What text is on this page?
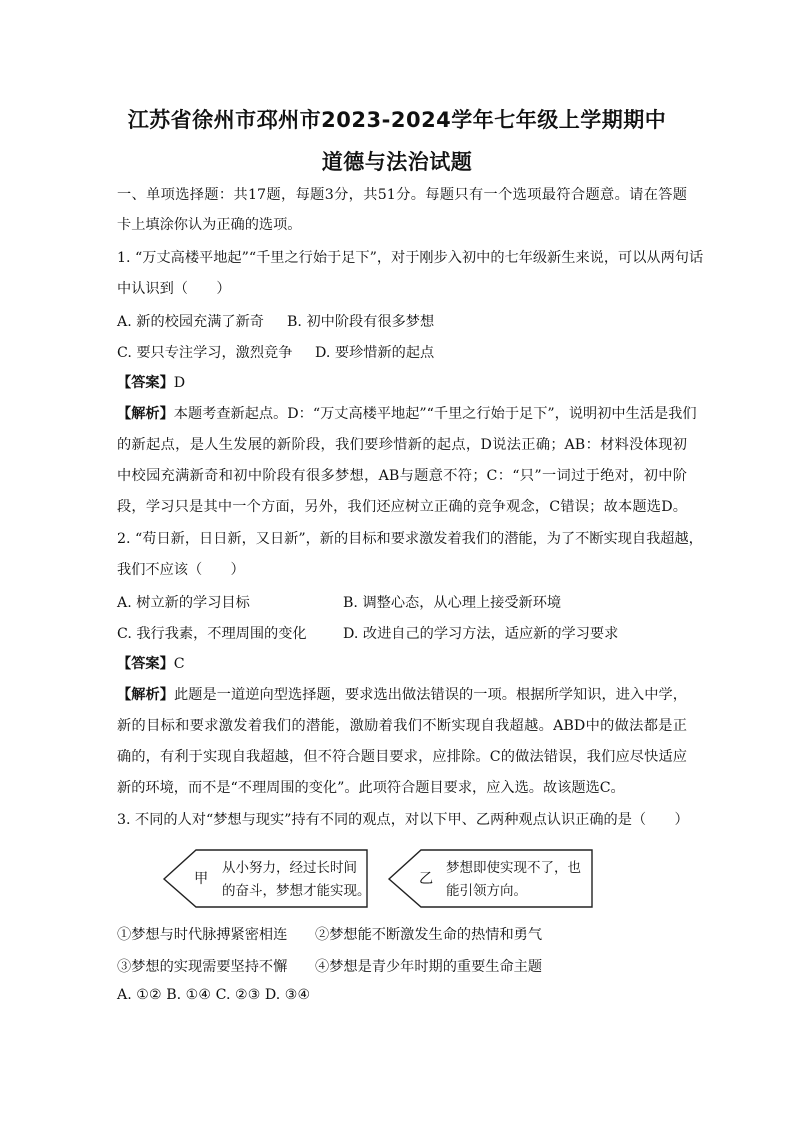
江苏省徐州市邳州市2023-2024学年七年级上学期期中
道德与法治试题
一、单项选择题：共17题，每题3分，共51分。每题只有一个选项最符合题意。请在答题
卡上填涂你认为正确的选项。
1. “万丈高楼平地起”“千里之行始于足下”，对于刚步入初中的七年级新生来说，可以从两句话
中认识到（　　）
A. 新的校园充满了新奇 B. 初中阶段有很多梦想
C. 要只专注学习，激烈竞争 D. 要珍惜新的起点
【答案】D
【解析】本题考查新起点。D：“万丈高楼平地起”“千里之行始于足下”，说明初中生活是我们
的新起点，是人生发展的新阶段，我们要珍惜新的起点，D说法正确；AB：材料没体现初
中校园充满新奇和初中阶段有很多梦想，AB与题意不符；C：“只”一词过于绝对，初中阶
段，学习只是其中一个方面，另外，我们还应树立正确的竞争观念，C错误；故本题选D。
2. “苟日新，日日新，又日新”，新的目标和要求激发着我们的潜能，为了不断实现自我超越，
我们不应该（　　）
A. 树立新的学习目标	B. 调整心态，从心理上接受新环境
C. 我行我素，不理周围的变化	D. 改进自己的学习方法，适应新的学习要求
【答案】C
【解析】此题是一道逆向型选择题，要求选出做法错误的一项。根据所学知识，进入中学，
新的目标和要求激发着我们的潜能，激励着我们不断实现自我超越。ABD中的做法都是正
确的，有利于实现自我超越，但不符合题目要求，应排除。C的做法错误，我们应尽快适应
新的环境，而不是“不理周围的变化”。此项符合题目要求，应入选。故该题选C。
3. 不同的人对“梦想与现实”持有不同的观点，对以下甲、乙两种观点认识正确的是（　　）
甲
从小努力，经过长时间
的奋斗，梦想才能实现。
乙
梦想即使实现不了，也
能引领方向。
①梦想与时代脉搏紧密相连 ②梦想能不断激发生命的热情和勇气
③梦想的实现需要坚持不懈 ④梦想是青少年时期的重要生命主题
A. ①② B. ①④ C. ②③ D. ③④
